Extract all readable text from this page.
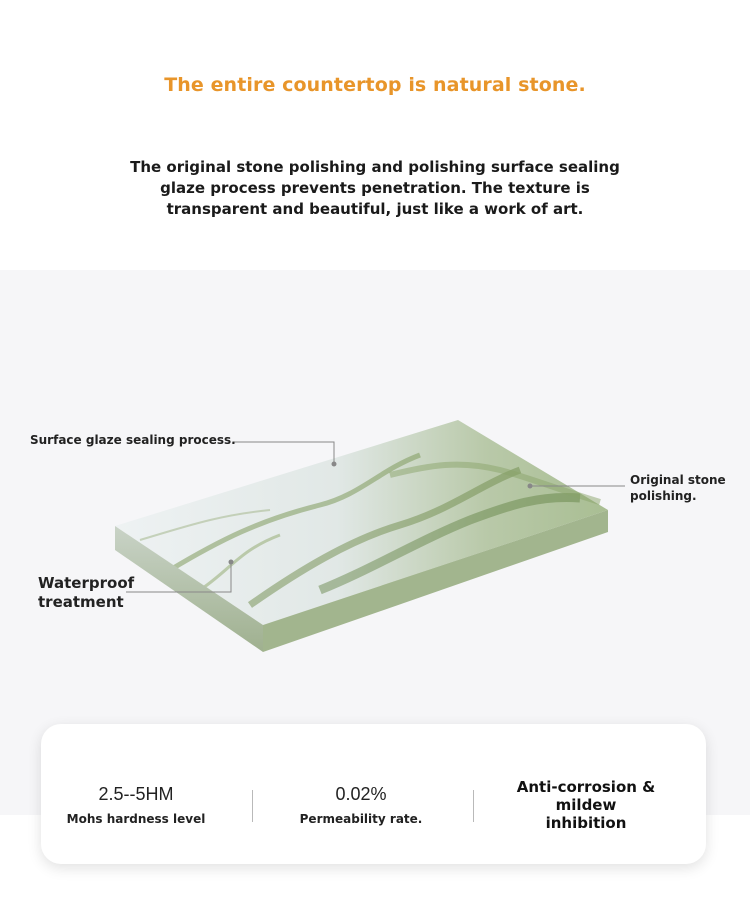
The entire countertop is natural stone.
The original stone polishing and polishing surface sealing glaze process prevents penetration. The texture is transparent and beautiful, just like a work of art.
Surface glaze sealing process.
Original stone polishing.
Waterproof treatment
2.5--5HM
Mohs hardness level
0.02%
Permeability rate.
Anti-corrosion & mildew inhibition
